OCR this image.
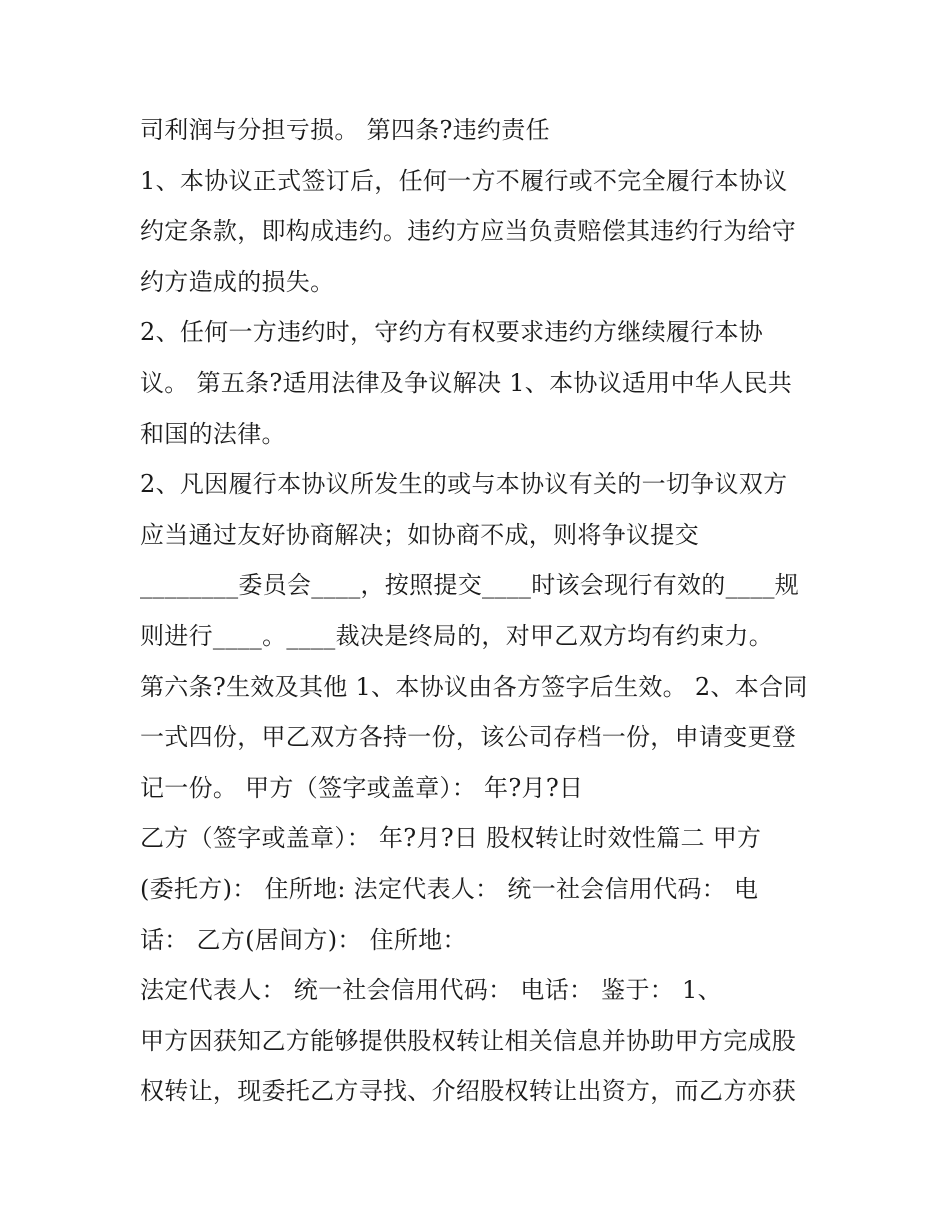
司利润与分担亏损。 第四条?违约责任
1、本协议正式签订后，任何一方不履行或不完全履行本协议
约定条款，即构成违约。违约方应当负责赔偿其违约行为给守
约方造成的损失。
2、任何一方违约时，守约方有权要求违约方继续履行本协
议。 第五条?适用法律及争议解决 1、本协议适用中华人民共
和国的法律。
2、凡因履行本协议所发生的或与本协议有关的一切争议双方
应当通过友好协商解决；如协商不成，则将争议提交
________委员会____，按照提交____时该会现行有效的____规
则进行____。____裁决是终局的，对甲乙双方均有约束力。
第六条?生效及其他 1、本协议由各方签字后生效。 2、本合同
一式四份，甲乙双方各持一份，该公司存档一份，申请变更登
记一份。 甲方（签字或盖章）： 年?月?日
乙方（签字或盖章）： 年?月?日 股权转让时效性篇二 甲方
(委托方)： 住所地: 法定代表人： 统一社会信用代码： 电
话： 乙方(居间方)： 住所地：
法定代表人： 统一社会信用代码： 电话： 鉴于： 1、
甲方因获知乙方能够提供股权转让相关信息并协助甲方完成股
权转让，现委托乙方寻找、介绍股权转让出资方，而乙方亦获
